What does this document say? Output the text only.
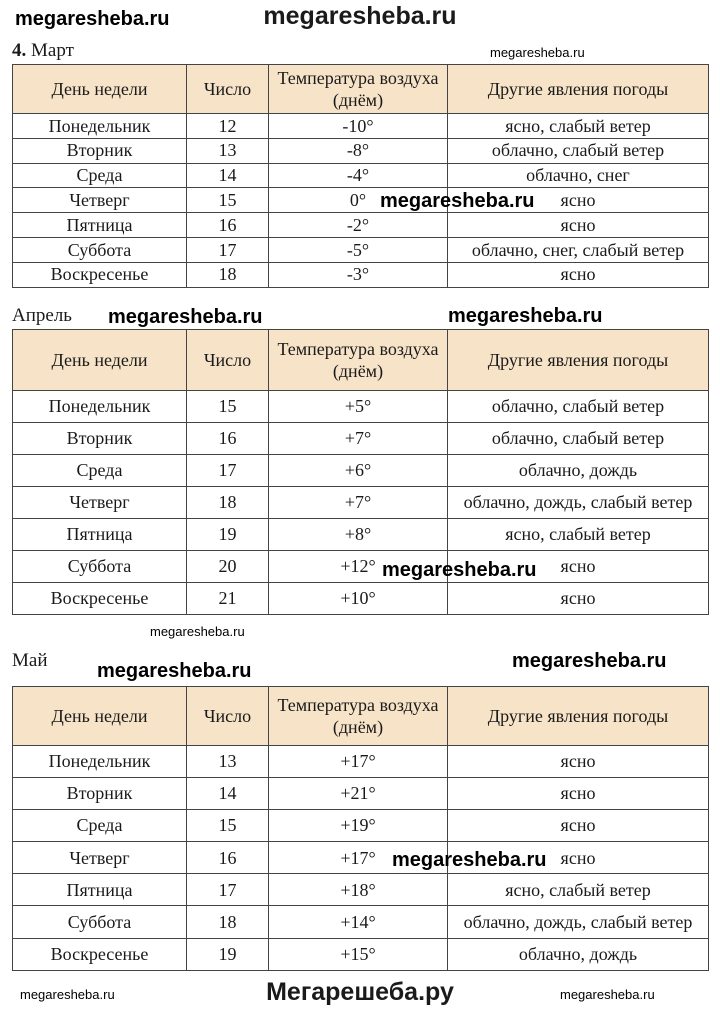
megaresheba.ru
4. Март
Апрель
Май
День недели	Число	Температура воздуха (днём)	Другие явления погоды
Понедельник	12	-10°	ясно, слабый ветер
Вторник	13	-8°	облачно, слабый ветер
Среда	14	-4°	облачно, снег
Четверг	15	0°	ясно
Пятница	16	-2°	ясно
Суббота	17	-5°	облачно, снег, слабый ветер
Воскресенье	18	-3°	ясно
День недели	Число	Температура воздуха (днём)	Другие явления погоды
Понедельник	15	+5°	облачно, слабый ветер
Вторник	16	+7°	облачно, слабый ветер
Среда	17	+6°	облачно, дождь
Четверг	18	+7°	облачно, дождь, слабый ветер
Пятница	19	+8°	ясно, слабый ветер
Суббота	20	+12°	ясно
Воскресенье	21	+10°	ясно
День недели	Число	Температура воздуха (днём)	Другие явления погоды
Понедельник	13	+17°	ясно
Вторник	14	+21°	ясно
Среда	15	+19°	ясно
Четверг	16	+17°	ясно
Пятница	17	+18°	ясно, слабый ветер
Суббота	18	+14°	облачно, дождь, слабый ветер
Воскресенье	19	+15°	облачно, дождь
megaresheba.ru
megaresheba.ru
megaresheba.ru
megaresheba.ru	megaresheba.ru
megaresheba.ru
megaresheba.ru
megaresheba.ru	megaresheba.ru
megaresheba.ru
megaresheba.ru
megaresheba.ru
Мегарешеба.ру
